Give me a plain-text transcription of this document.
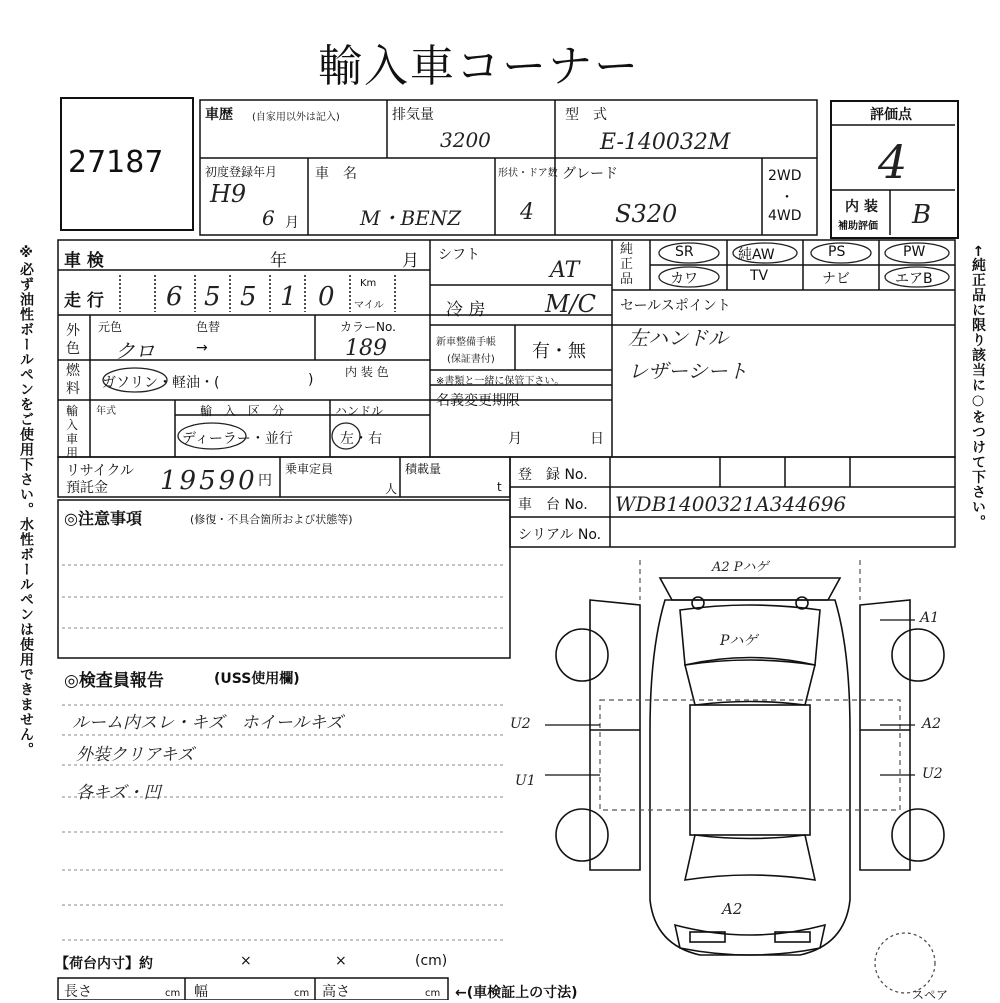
輸入車コーナー
※必ず油性ボールペンをご使用下さい。水性ボールペンは使用できません。	←純正品に限り該当に○をつけて下さい。
27187
評価点
4
内 装
補助評価 B
車歴 (自家用以外は記入)	排気量
3200
型　式
E-140032M
初度登録年月
H9
6 月
車　名
M・BENZ
形状・ドア数
4
グレード
S320
2WD
・
4WD
車 検	年	月
走 行 6 5 5 1 0	Km
マイル
外色
元色	色替	カラーNo.
クロ	→	189
燃料 ガソリン・軽油・(	)	内 装 色
輸入車用
年式	輸　入　区　分	ハンドル
ディーラー・並行	左・右
シフト
AT
冷 房 M/C
新車整備手帳
(保証書付) 有・無
※書類と一緒に保管下さい。
名義変更期限
月	日
純正品
SR	純AW	PS	PW
カワ	TV	ナビ	エアB
セールスポイント
左ハンドル
レザーシート
リサイクル
預託金 19590 円
乗車定員
人
積載量
t
登　録 No.
車　台 No. WDB1400321A344696
シリアル No.
◎注意事項	(修復・不具合箇所および状態等)
◎検査員報告	(USS使用欄)
ルーム内スレ・キズ　ホイールキズ
外装クリアキズ
各キズ・凹
【荷台内寸】約	×	×	(cm)
長さ	cm 幅	cm 高さ	cm ←(車検証上の寸法)
A2 Pハゲ
Pハゲ
A1
A2
U2
U2
U1
A2
スペア
